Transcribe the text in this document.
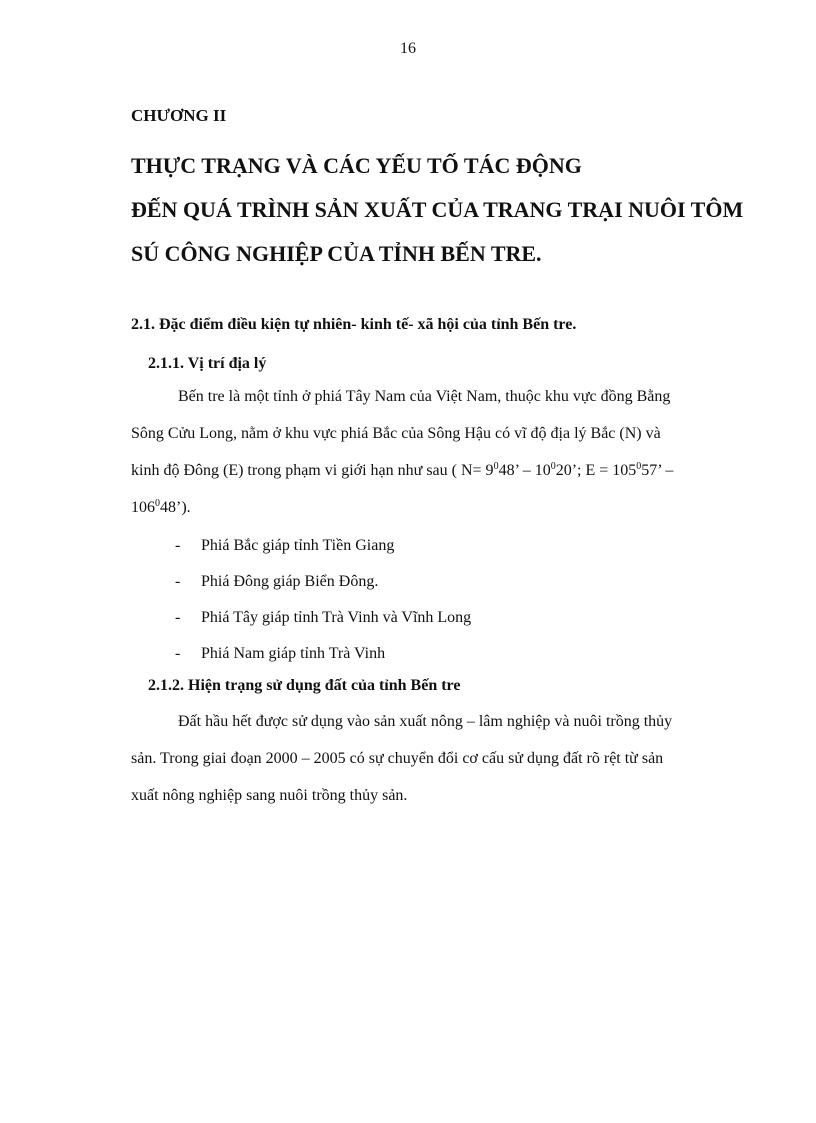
16
CHƯƠNG II
THỰC TRẠNG VÀ CÁC YẾU TỐ TÁC ĐỘNG
ĐẾN QUÁ TRÌNH SẢN XUẤT CỦA TRANG TRẠI NUÔI TÔM
SÚ CÔNG NGHIỆP CỦA TỈNH BẾN TRE.
2.1. Đặc điểm điều kiện tự nhiên- kinh tế- xã hội của tỉnh Bến tre.
2.1.1. Vị trí địa lý

Bến tre là một tỉnh ở phiá Tây Nam của Việt Nam, thuộc khu vực đồng Bằng
Sông Cửu Long, nằm ở khu vực phiá Bắc của Sông Hậu có vĩ độ địa lý Bắc (N) và
kinh độ Đông (E) trong phạm vi giới hạn như sau ( $N= 9^048$’ – $10^020$’; $E = 105^057$’ –
$106^048$’).

- Phiá Bắc giáp tỉnh Tiền Giang
- Phiá Đông giáp Biển Đông.
- Phiá Tây giáp tỉnh Trà Vinh và Vĩnh Long
- Phiá Nam giáp tỉnh Trà Vinh
2.1.2. Hiện trạng sử dụng đất của tỉnh Bến tre

Đất hầu hết được sử dụng vào sản xuất nông – lâm nghiệp và nuôi trồng thủy
sản. Trong giai đoạn 2000 – 2005 có sự chuyển đổi cơ cấu sử dụng đất rõ rệt từ sản
xuất nông nghiệp sang nuôi trồng thủy sản.
